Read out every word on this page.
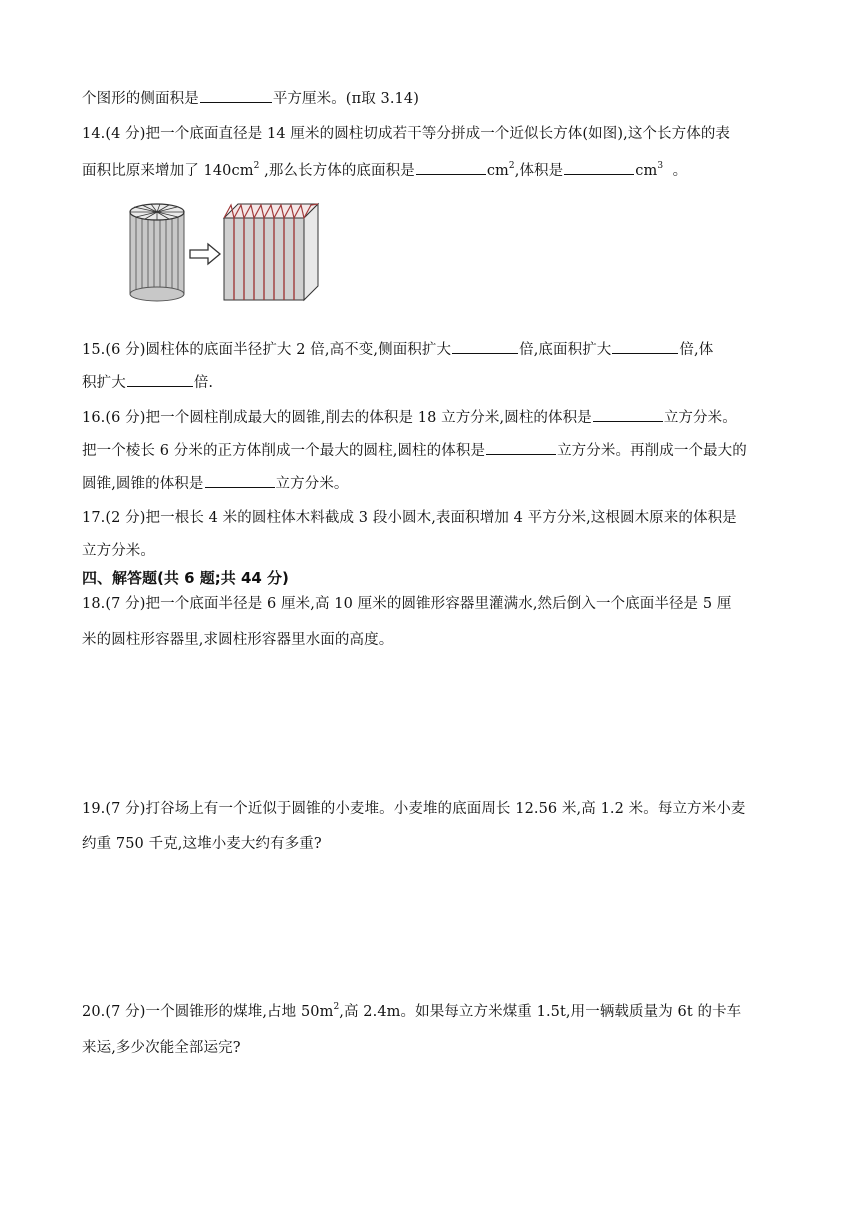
个图形的侧面积是	平方厘米。(π取 3.14)
14.(4 分)把一个底面直径是 14 厘米的圆柱切成若干等分拼成一个近似长方体(如图),这个长方体的表
面积比原来增加了 $140cm^2$ ,那么长方体的底面积是	$cm^2$,体积是	$cm^3$ 。
15.(6 分)圆柱体的底面半径扩大 2 倍,高不变,侧面积扩大	倍,底面积扩大	倍,体
积扩大	倍.
16.(6 分)把一个圆柱削成最大的圆锥,削去的体积是 18 立方分米,圆柱的体积是	立方分米。
把一个棱长 6 分米的正方体削成一个最大的圆柱,圆柱的体积是	立方分米。再削成一个最大的
圆锥,圆锥的体积是	立方分米。
17.(2 分)把一根长 4 米的圆柱体木料截成 3 段小圆木,表面积增加 4 平方分米,这根圆木原来的体积是
立方分米。
四、解答题(共 6 题;共 44 分)
18.(7 分)把一个底面半径是 6 厘米,高 10 厘米的圆锥形容器里灌满水,然后倒入一个底面半径是 5 厘
米的圆柱形容器里,求圆柱形容器里水面的高度。
19.(7 分)打谷场上有一个近似于圆锥的小麦堆。小麦堆的底面周长 12.56 米,高 1.2 米。每立方米小麦
约重 750 千克,这堆小麦大约有多重?
20.(7 分)一个圆锥形的煤堆,占地 $50m^2$,高 2.4m。如果每立方米煤重 1.5t,用一辆载质量为 6t 的卡车
来运,多少次能全部运完?
